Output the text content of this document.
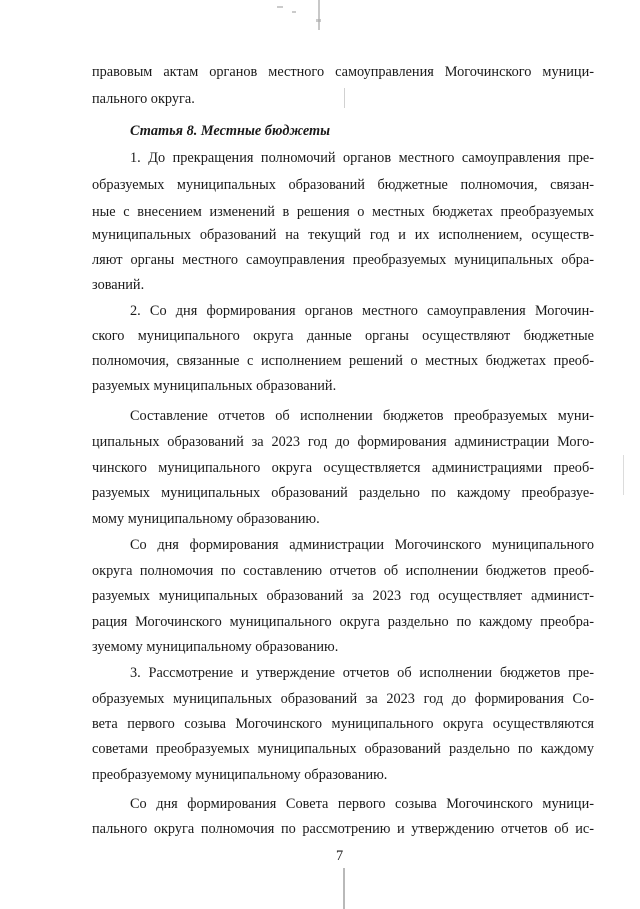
правовым актам органов местного самоуправления Могочинского муници-
пального округа.
Статья 8. Местные бюджеты
1. До прекращения полномочий органов местного самоуправления пре-
образуемых муниципальных образований бюджетные полномочия, связан-
ные с внесением изменений в решения о местных бюджетах преобразуемых
муниципальных образований на текущий год и их исполнением, осуществ-
ляют органы местного самоуправления преобразуемых муниципальных обра-
зований.
2. Со дня формирования органов местного самоуправления Могочин-
ского муниципального округа данные органы осуществляют бюджетные
полномочия, связанные с исполнением решений о местных бюджетах преоб-
разуемых муниципальных образований.
Составление отчетов об исполнении бюджетов преобразуемых муни-
ципальных образований за 2023 год до формирования администрации Мого-
чинского муниципального округа осуществляется администрациями преоб-
разуемых муниципальных образований раздельно по каждому преобразуе-
мому муниципальному образованию.
Со дня формирования администрации Могочинского муниципального
округа полномочия по составлению отчетов об исполнении бюджетов преоб-
разуемых муниципальных образований за 2023 год осуществляет админист-
рация Могочинского муниципального округа раздельно по каждому преобра-
зуемому муниципальному образованию.
3. Рассмотрение и утверждение отчетов об исполнении бюджетов пре-
образуемых муниципальных образований за 2023 год до формирования Со-
вета первого созыва Могочинского муниципального округа осуществляются
советами преобразуемых муниципальных образований раздельно по каждому
преобразуемому муниципальному образованию.
Со дня формирования Совета первого созыва Могочинского муници-
пального округа полномочия по рассмотрению и утверждению отчетов об ис-
7
